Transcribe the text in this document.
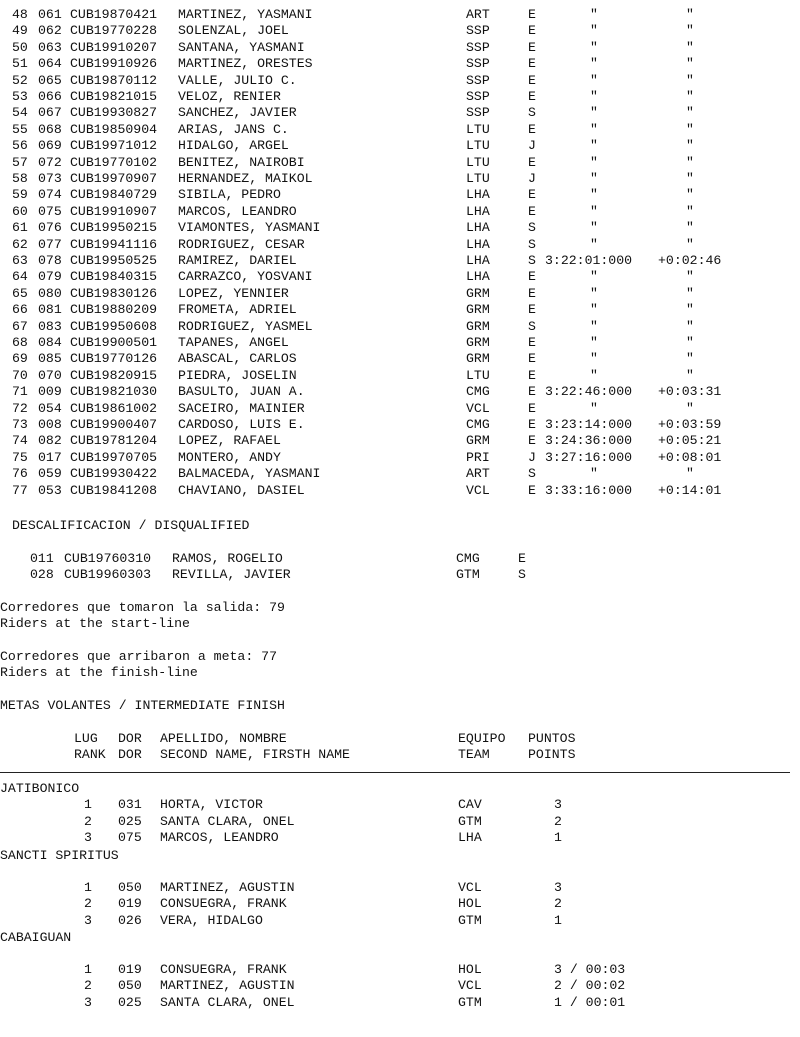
48 061 CUB19870421 MARTINEZ, YASMANI	ART	E	"	"
49 062 CUB19770228 SOLENZAL, JOEL	SSP	E	"	"
50 063 CUB19910207 SANTANA, YASMANI	SSP	E	"	"
51 064 CUB19910926 MARTINEZ, ORESTES	SSP	E	"	"
52 065 CUB19870112 VALLE, JULIO C.	SSP	E	"	"
53 066 CUB19821015 VELOZ, RENIER	SSP	E	"	"
54 067 CUB19930827 SANCHEZ, JAVIER	SSP	S	"	"
55 068 CUB19850904 ARIAS, JANS C.	LTU	E	"	"
56 069 CUB19971012 HIDALGO, ARGEL	LTU	J	"	"
57 072 CUB19770102 BENITEZ, NAIROBI	LTU	E	"	"
58 073 CUB19970907 HERNANDEZ, MAIKOL	LTU	J	"	"
59 074 CUB19840729 SIBILA, PEDRO	LHA	E	"	"
60 075 CUB19910907 MARCOS, LEANDRO	LHA	E	"	"
61 076 CUB19950215 VIAMONTES, YASMANI	LHA	S	"	"
62 077 CUB19941116 RODRIGUEZ, CESAR	LHA	S	"	"
63 078 CUB19950525 RAMIREZ, DARIEL	LHA	S 3:22:01:000 +0:02:46
64 079 CUB19840315 CARRAZCO, YOSVANI	LHA	E	"	"
65 080 CUB19830126 LOPEZ, YENNIER	GRM	E	"	"
66 081 CUB19880209 FROMETA, ADRIEL	GRM	E	"	"
67 083 CUB19950608 RODRIGUEZ, YASMEL	GRM	S	"	"
68 084 CUB19900501 TAPANES, ANGEL	GRM	E	"	"
69 085 CUB19770126 ABASCAL, CARLOS	GRM	E	"	"
70 070 CUB19820915 PIEDRA, JOSELIN	LTU	E	"	"
71 009 CUB19821030 BASULTO, JUAN A.	CMG	E 3:22:46:000 +0:03:31
72 054 CUB19861002 SACEIRO, MAINIER	VCL	E	"	"
73 008 CUB19900407 CARDOSO, LUIS E.	CMG	E 3:23:14:000 +0:03:59
74 082 CUB19781204 LOPEZ, RAFAEL	GRM	E 3:24:36:000 +0:05:21
75 017 CUB19970705 MONTERO, ANDY	PRI	J 3:27:16:000 +0:08:01
76 059 CUB19930422 BALMACEDA, YASMANI	ART	S	"	"
77 053 CUB19841208 CHAVIANO, DASIEL	VCL	E 3:33:16:000 +0:14:01
DESCALIFICACION / DISQUALIFIED
011 CUB19760310 RAMOS, ROGELIO	CMG	E
028 CUB19960303 REVILLA, JAVIER	GTM	S
Corredores que tomaron la salida: 79
Riders at the start-line
Corredores que arribaron a meta: 77
Riders at the finish-line
METAS VOLANTES / INTERMEDIATE FINISH
LUG DOR APELLIDO, NOMBRE	EQUIPO PUNTOS
RANK DOR SECOND NAME, FIRSTH NAME	TEAM	POINTS
JATIBONICO
1 031 HORTA, VICTOR	CAV	3
2 025 SANTA CLARA, ONEL	GTM	2
3 075 MARCOS, LEANDRO	LHA	1
SANCTI SPIRITUS
1 050 MARTINEZ, AGUSTIN	VCL	3
2 019 CONSUEGRA, FRANK	HOL	2
3 026 VERA, HIDALGO	GTM	1
CABAIGUAN
1 019 CONSUEGRA, FRANK	HOL	3 / 00:03
2 050 MARTINEZ, AGUSTIN	VCL	2 / 00:02
3 025 SANTA CLARA, ONEL	GTM	1 / 00:01
